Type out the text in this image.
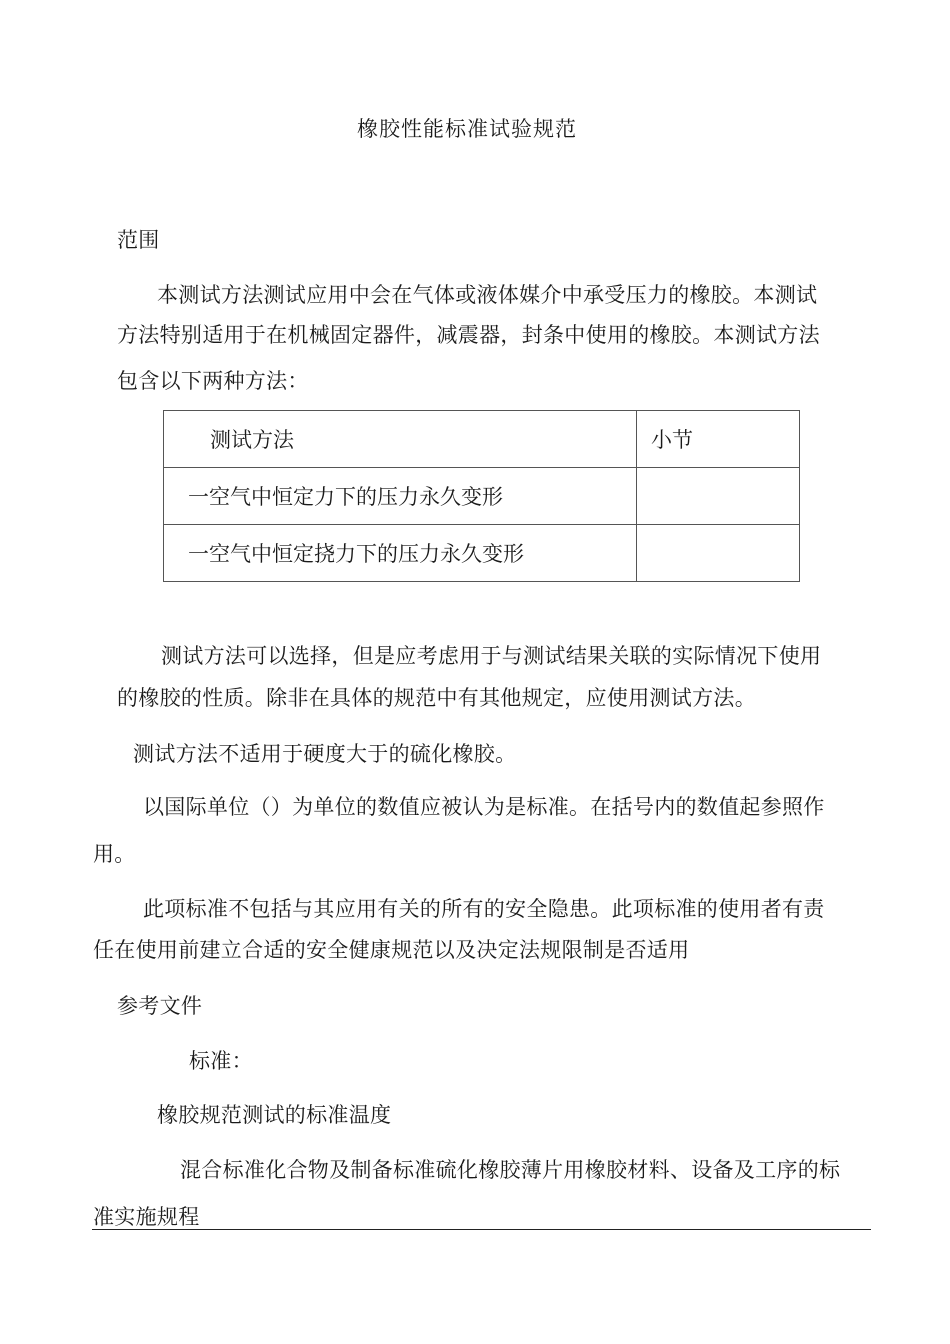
橡胶性能标准试验规范
范围
本测试方法测试应用中会在气体或液体媒介中承受压力的橡胶。本测试
方法特别适用于在机械固定器件，减震器，封条中使用的橡胶。本测试方法
包含以下两种方法：
测试方法	小节
一空气中恒定力下的压力永久变形	
一空气中恒定挠力下的压力永久变形	
测试方法可以选择，但是应考虑用于与测试结果关联的实际情况下使用
的橡胶的性质。除非在具体的规范中有其他规定，应使用测试方法。
测试方法不适用于硬度大于的硫化橡胶。
以国际单位（）为单位的数值应被认为是标准。在括号内的数值起参照作
用。
此项标准不包括与其应用有关的所有的安全隐患。此项标准的使用者有责
任在使用前建立合适的安全健康规范以及决定法规限制是否适用
参考文件
标准：
橡胶规范测试的标准温度
混合标准化合物及制备标准硫化橡胶薄片用橡胶材料、设备及工序的标
准实施规程
